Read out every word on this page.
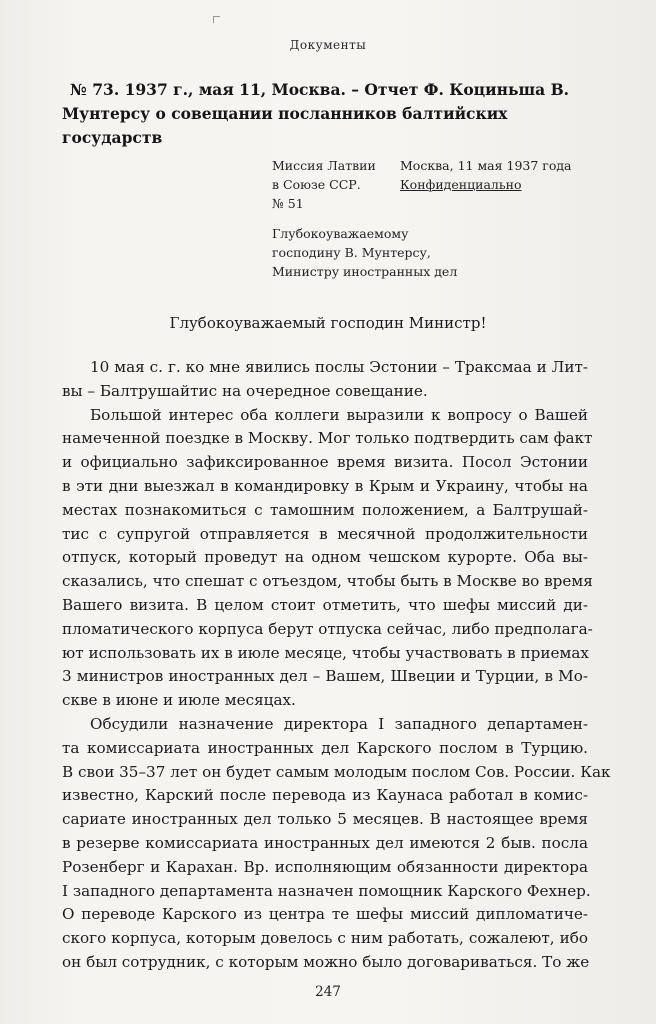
Документы
№ 73. 1937 г., мая 11, Москва. – Отчет Ф. Коциньша В. Мунтерсу о совещании посланников балтийских государств
Миссия Латвии
в Союзе ССР.
№ 51
Москва, 11 мая 1937 года
Конфиденциально
Глубокоуважаемому
господину В. Мунтерсу,
Министру иностранных дел
Глубокоуважаемый господин Министр!
10 мая с. г. ко мне явились послы Эстонии – Тракcмаа и Лит-
вы – Балтрушайтис на очередное совещание.
Большой интерес оба коллеги выразили к вопросу о Вашей
намеченной поездке в Москву. Мог только подтвердить сам факт
и официально зафиксированное время визита. Посол Эстонии
в эти дни выезжал в командировку в Крым и Украину, чтобы на
местах познакомиться с тамошним положением, а Балтрушай-
тис с супругой отправляется в месячной продолжительности
отпуск, который проведут на одном чешском курорте. Оба вы-
сказались, что спешат с отъездом, чтобы быть в Москве во время
Вашего визита. В целом стоит отметить, что шефы миссий ди-
пломатического корпуса берут отпуска сейчас, либо предполага-
ют использовать их в июле месяце, чтобы участвовать в приемах
3 министров иностранных дел – Вашем, Швеции и Турции, в Мо-
скве в июне и июле месяцах.
Обсудили назначение директора I западного департамен-
та комиссариата иностранных дел Карского послом в Турцию.
В свои 35–37 лет он будет самым молодым послом Сов. России. Как
известно, Карский после перевода из Каунаса работал в комис-
сариате иностранных дел только 5 месяцев. В настоящее время
в резерве комиссариата иностранных дел имеются 2 быв. посла
Розенберг и Карахан. Вр. исполняющим обязанности директора
I западного департамента назначен помощник Карского Фехнер.
О переводе Карского из центра те шефы миссий дипломатиче-
ского корпуса, которым довелось с ним работать, сожалеют, ибо
он был сотрудник, с которым можно было договариваться. То же
247
